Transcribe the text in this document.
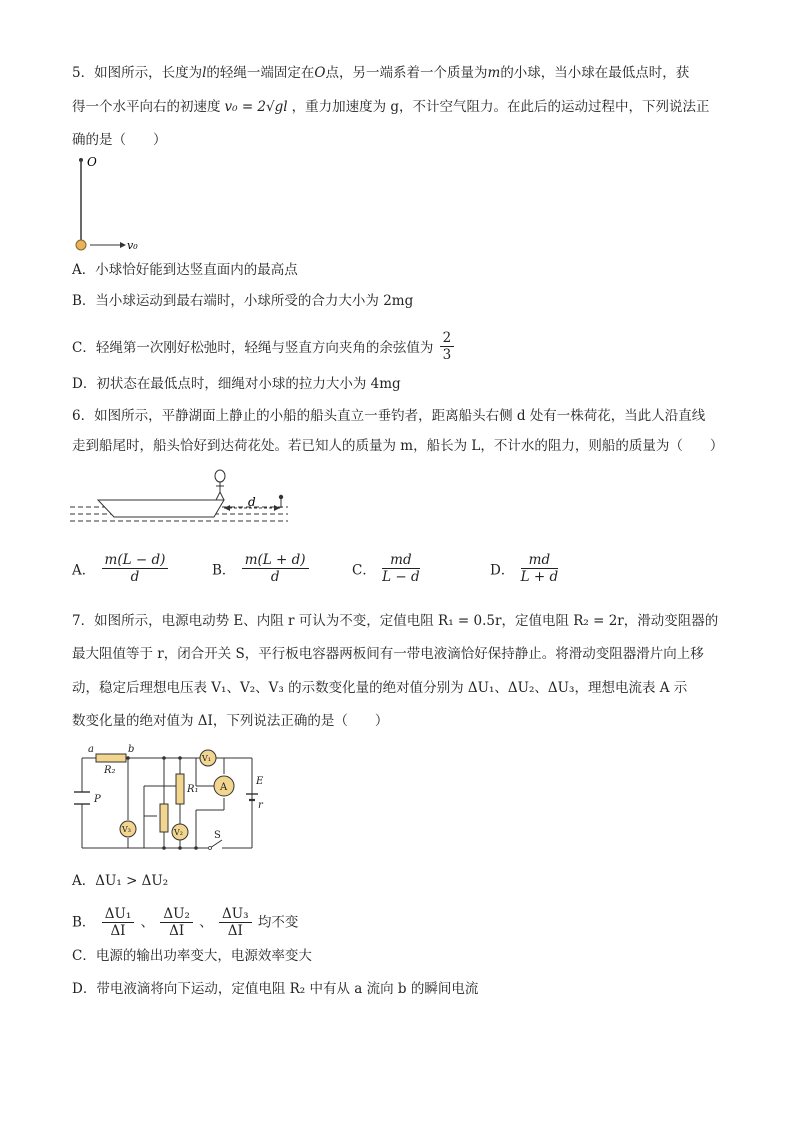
5．如图所示，长度为l的轻绳一端固定在O点，另一端系着一个质量为m的小球，当小球在最低点时，获
得一个水平向右的初速度 v₀ = 2√gl ，重力加速度为 g，不计空气阻力。在此后的运动过程中，下列说法正
确的是（　　）
O
v₀
A．小球恰好能到达竖直面内的最高点
B．当小球运动到最右端时，小球所受的合力大小为 2mg
C．轻绳第一次刚好松弛时，轻绳与竖直方向夹角的余弦值为 $\frac{2}{3}$
D．初状态在最低点时，细绳对小球的拉力大小为 4mg
6．如图所示，平静湖面上静止的小船的船头直立一垂钓者，距离船头右侧 d 处有一株荷花，当此人沿直线
走到船尾时，船头恰好到达荷花处。若已知人的质量为 m，船长为 L，不计水的阻力，则船的质量为（　　）
d
A． $\frac{m(L - d)}{d}$	B． $\frac{m(L + d)}{d}$	C． $\frac{md}{L - d}$	D． $\frac{md}{L + d}$
7．如图所示，电源电动势 E、内阻 r 可认为不变，定值电阻 R₁ = 0.5r，定值电阻 R₂ = 2r，滑动变阻器的
最大阻值等于 r，闭合开关 S，平行板电容器两板间有一带电液滴恰好保持静止。将滑动变阻器滑片向上移
动，稳定后理想电压表 V₁、V₂、V₃ 的示数变化量的绝对值分别为 ΔU₁、ΔU₂、ΔU₃，理想电流表 A 示
数变化量的绝对值为 ΔI，下列说法正确的是（　　）
a	b
R₂
P
V₃
V₁
A
V₂
R₁
E
r
S
A．ΔU₁ > ΔU₂
B． $\frac{\text{ΔU₁}}{\Delta I}$ 、 $\frac{\text{ΔU₂}}{\Delta I}$ 、 $\frac{\text{ΔU₃}}{\Delta I}$ 均不变
C．电源的输出功率变大，电源效率变大
D．带电液滴将向下运动，定值电阻 R₂ 中有从 a 流向 b 的瞬间电流
